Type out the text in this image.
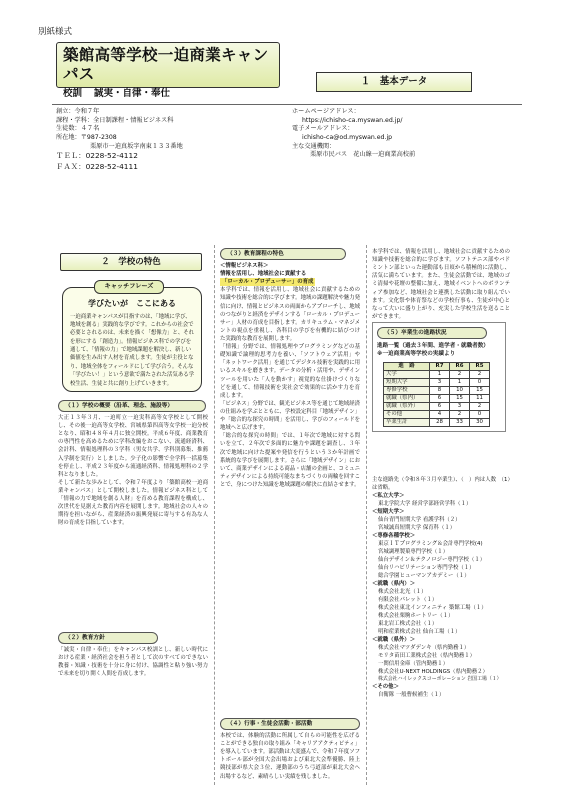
別紙様式
築館高等学校一迫商業キャンパス
校訓 誠実・自律・奉仕
１　基本データ
創立：令和７年
課程・学科：全日制課程・情報ビジネス科
生徒数：４７名
所在地：〒987-2308
栗原市一迫真坂字南東１３３番地
ＴＥＬ：0228-52-4112
ＦＡＸ：0228-52-4111
ホームページアドレス：
https://ichisho-ca.myswan.ed.jp/
電子メールアドレス：
ichisho-ca@od.myswan.ed.jp
主な交通機関：
栗原市民バス　花山線一迫商業高校前
２　学校の特色
キャッチフレーズ
学びたいが　ここにある
一迫商業キャンパスが目指すのは、「地域に学び、地域を創る」実践的な学びです。これからの社会で必要とされるのは、未来を描く「想像力」と、それを形にする「創造力」。情報ビジネス科での学びを通して、「情報の力」で地域課題を解決し、新しい価値を生み出す人材を育成します。生徒が主役となり、地域全体をフィールドにして学び合う。そんな「学びたい！」という意欲で満たされた活気ある学校生活、生徒と共に創り上げていきます。
（１）学校の概要（沿革、理念、施設等）

大正１３年３月、一迫町立一迫実科高等女学校として開校し、その後一迫高等女学校、宮城県第四高等女学校一迫分校となり、昭和４８年４月に独立開校。平成６年度、商業教育の専門性を高めるために学科改編をおこない、流通経済科、会計科、情報処理科の３学科（男女共学、学科別募集、推薦入学制を実行）としました。少子化の影響で全学科一括募集を停止し、平成２３年度から流通経済科、情報処理科の２学科となりました。

そして新たな歩みとして、令和７年度より「築館高校一迫商業キャンパス」として開校しました。情報ビジネス科として「情報の力で地域を創る人財」を育める教育課程を構成し、次世代を見据えた教育内容を展開します。地域社会の人々の期待を担いながら、産業経済の振興発展に寄与する有為な人財の育成を目指しています。

（２）教育方針
「誠実・自律・奉仕」をキャンパス校訓とし、新しい時代における産業・経済社会を担う者として次のすべてのできない教養・知識・技術を十分に身に付け、協調性と粘り強い努力で未来を切り開く人間を育成します。
（３）教育課程の特色
＜情報ビジネス科＞
情報を活用し、地域社会に貢献する
「ローカル・プロデューサー」の育成

本学科では、情報を活用し、地域社会に貢献するための知識や技術を総合的に学びます。地域の課題解決や魅力発信に向け、情報とビジネスの両面からアプローチし、地域のつながりと経済をデザインする「ローカル・プロデューサー」人材の育成を目指します。カリキュラム・マネジメントの視点を重視し、各科目の学びを有機的に結びつけた実践的な教育を展開します。

「情報」分野では、情報処理やプログラミングなどの基礎知識で論理的思考力を養い、「ソフトウェア活用」や「ネットワーク活用」を通じてデジタル技術を実践的に用いるスキルを磨きます。データの分析・活用や、デザインツールを用いた「人を動かす」視覚的な仕掛けづくりなどを通して、情報技術を実社会で効果的に活かす力を育成します。

「ビジネス」分野では、観光ビジネス等を通じて地域経済の仕組みを学ぶとともに、学校設定科目「地域デザイン」や「総合的な探究の時間」を活用し、学びのフィールドを地域へと広げます。

「総合的な探究の時間」では、１年次で地域に対する問いを立て、２年次で多面的に魅力や課題を調査し、３年次で地域に向けた提案や発信を行うという３か年計画で系統的な学びを展開します。さらに「地域デザイン」において、商業デザインによる商品・店舗の企画と、コミュニティデザインによる持続可能なまちづくりの両輪を回すことで、身につけた知識を地域課題の解決に直結させます。

（４）行事・生徒会活動・部活動
本校では、体験的活動に所属して自らの可能性を広げることができる独自の取り組み「キャリアアクティビティ」を導入しています。部活動は大変盛んで、令和７年度ソフトボール部が全国大会出場および東北大会準優勝、陸上競技部が県大会３位、運動部のうち弓道部が東北大会へ出場するなど、素晴らしい実績を残しました。
本学科では、情報を活用し、地域社会に貢献するための知識や技術を総合的に学びます。ソフトテニス部やバドミントン部といった運動部も日頃から積極的に活動し、活気に満ちています。また、生徒会活動では、地域のゴミ清掃や花壇の整備に加え、地域イベントへのボランティア参加など、地域社会と連携した活動に取り組んでいます。文化祭や体育祭などの学校行事も、生徒が中心となって大いに盛り上がり、充実した学校生活を送ることができます。
（５）卒業生の進路状況
進路一覧（過去３年間、進学者・就職者数）
※一迫商業高等学校の実績より
進　路	R7	R6	R5
大学	1	2	2
短期大学	3	1	0
専修学校	8	10	15
就職（県内）	6	15	11
就職（県外）	6	3	2
その他	4	2	0
卒業生計	28	33	30
主な進路先（令和８年３月卒業生）、（　）内は人数　（1）は省略。
＜私立大学＞
東北学院大学 経営学部経営学科（１）
＜短期大学＞
仙台青門短期大学 看護学科（２）
宮城誠真短期大学 保育科（１）
＜専修各種学校＞
東京ＩＴプログラミング＆会計専門学校(4)
宮城調理製菓専門学校（１）
仙台デザイン＆テクノロジー専門学校（１）
仙台リハビリテーション専門学校（１）
総合学園ヒューマンアカデミー（１）
＜就職（県内）＞
株式会社北光（１）
有限会社パレット（１）
株式会社東北インフィニティ 築館工場（１）
株式会社栗駒ホートリー（１）
東北岩工株式会社（１）
明和産業株式会社 仙台工場（１）
＜就職（県外）＞
株式会社マツダデンキ（県内勤務１）
モリタ苗田工業株式会社（県内勤務１）
一関信用金庫（管内勤務１）
株式会社U-NEXT HOLDINGS（県内勤務２）
株式会社ハイレックスコーポレーション 岩国工場（１）
＜その他＞
自衛隊 一般曹候補生（１）
